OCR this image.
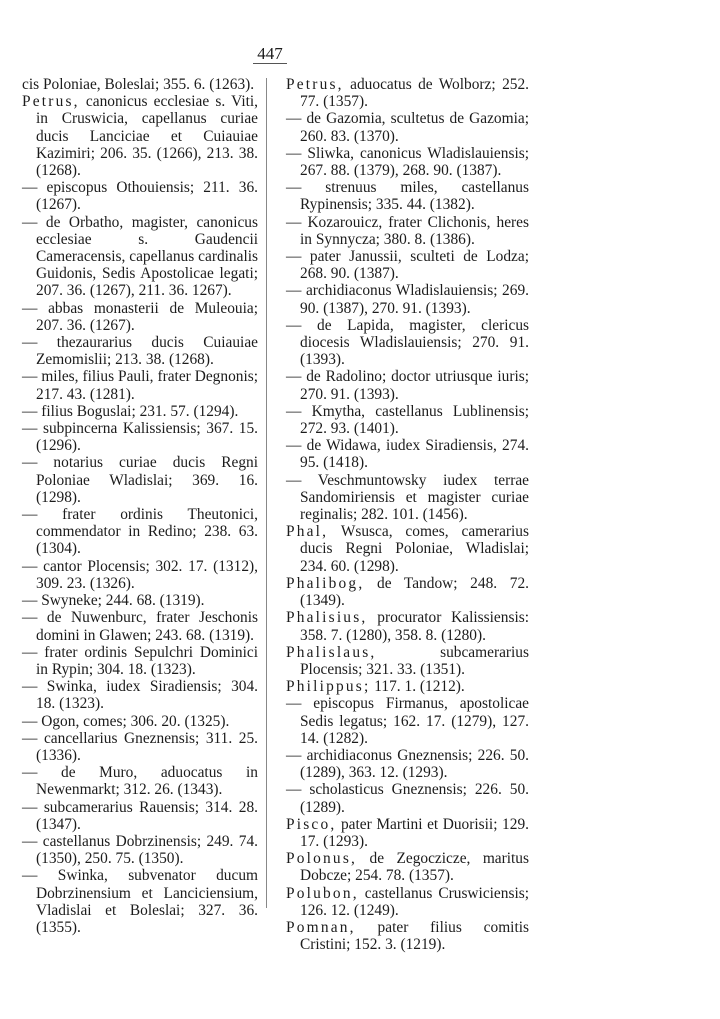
447

cis Poloniae, Boleslai; 355. 6. (1263).

Petrus, canonicus ecclesiae s. Viti, in Cruswicia, capellanus curiae ducis Lanciciae et Cuiauiae Kazimiri; 206. 35. (1266), 213. 38. (1268).

— episcopus Othouiensis; 211. 36. (1267).

— de Orbatho, magister, canonicus ecclesiae s. Gaudencii Cameracensis, capellanus cardinalis Guidonis, Sedis Apostolicae legati; 207. 36. (1267), 211. 36. 1267).

— abbas monasterii de Muleouia; 207. 36. (1267).

— thezaurarius ducis Cuiauiae Zemomislii; 213. 38. (1268).

— miles, filius Pauli, frater Degnonis; 217. 43. (1281).

— filius Boguslai; 231. 57. (1294).

— subpincerna Kalissiensis; 367. 15. (1296).

— notarius curiae ducis Regni Poloniae Wladislai; 369. 16. (1298).

— frater ordinis Theutonici, commendator in Redino; 238. 63. (1304).

— cantor Plocensis; 302. 17. (1312), 309. 23. (1326).

— Swyneke; 244. 68. (1319).

— de Nuwenburc, frater Jeschonis domini in Glawen; 243. 68. (1319).

— frater ordinis Sepulchri Dominici in Rypin; 304. 18. (1323).

— Swinka, iudex Siradiensis; 304. 18. (1323).

— Ogon, comes; 306. 20. (1325).

— cancellarius Gneznensis; 311. 25. (1336).

— de Muro, aduocatus in Newenmarkt; 312. 26. (1343).

— subcamerarius Rauensis; 314. 28. (1347).

— castellanus Dobrzinensis; 249. 74. (1350), 250. 75. (1350).

— Swinka, subvenator ducum Dobrzinensium et Lanciciensium, Vladislai et Boleslai; 327. 36. (1355).

Petrus, aduocatus de Wolborz; 252. 77. (1357).

— de Gazomia, scultetus de Gazomia; 260. 83. (1370).

— Sliwka, canonicus Wladislauiensis; 267. 88. (1379), 268. 90. (1387).

— strenuus miles, castellanus Rypinensis; 335. 44. (1382).

— Kozarouicz, frater Clichonis, heres in Synnycza; 380. 8. (1386).

— pater Janussii, sculteti de Lodza; 268. 90. (1387).

— archidiaconus Wladislauiensis; 269. 90. (1387), 270. 91. (1393).

— de Lapida, magister, clericus diocesis Wladislauiensis; 270. 91. (1393).

— de Radolino; doctor utriusque iuris; 270. 91. (1393).

— Kmytha, castellanus Lublinensis; 272. 93. (1401).

— de Widawa, iudex Siradiensis, 274. 95. (1418).

— Veschmuntowsky iudex terrae Sandomiriensis et magister curiae reginalis; 282. 101. (1456).

Phal, Wsusca, comes, camerarius ducis Regni Poloniae, Wladislai; 234. 60. (1298).

Phalibog, de Tandow; 248. 72. (1349).

Phalisius, procurator Kalissiensis: 358. 7. (1280), 358. 8. (1280).

Phalislaus, subcamerarius Plocensis; 321. 33. (1351).

Philippus; 117. 1. (1212).

— episcopus Firmanus, apostolicae Sedis legatus; 162. 17. (1279), 127. 14. (1282).

— archidiaconus Gneznensis; 226. 50. (1289), 363. 12. (1293).

— scholasticus Gneznensis; 226. 50. (1289).

Pisco, pater Martini et Duorisii; 129. 17. (1293).

Polonus, de Zegoczicze, maritus Dobcze; 254. 78. (1357).

Polubon, castellanus Cruswiciensis; 126. 12. (1249).

Pomnan, pater filius comitis Cristini; 152. 3. (1219).
